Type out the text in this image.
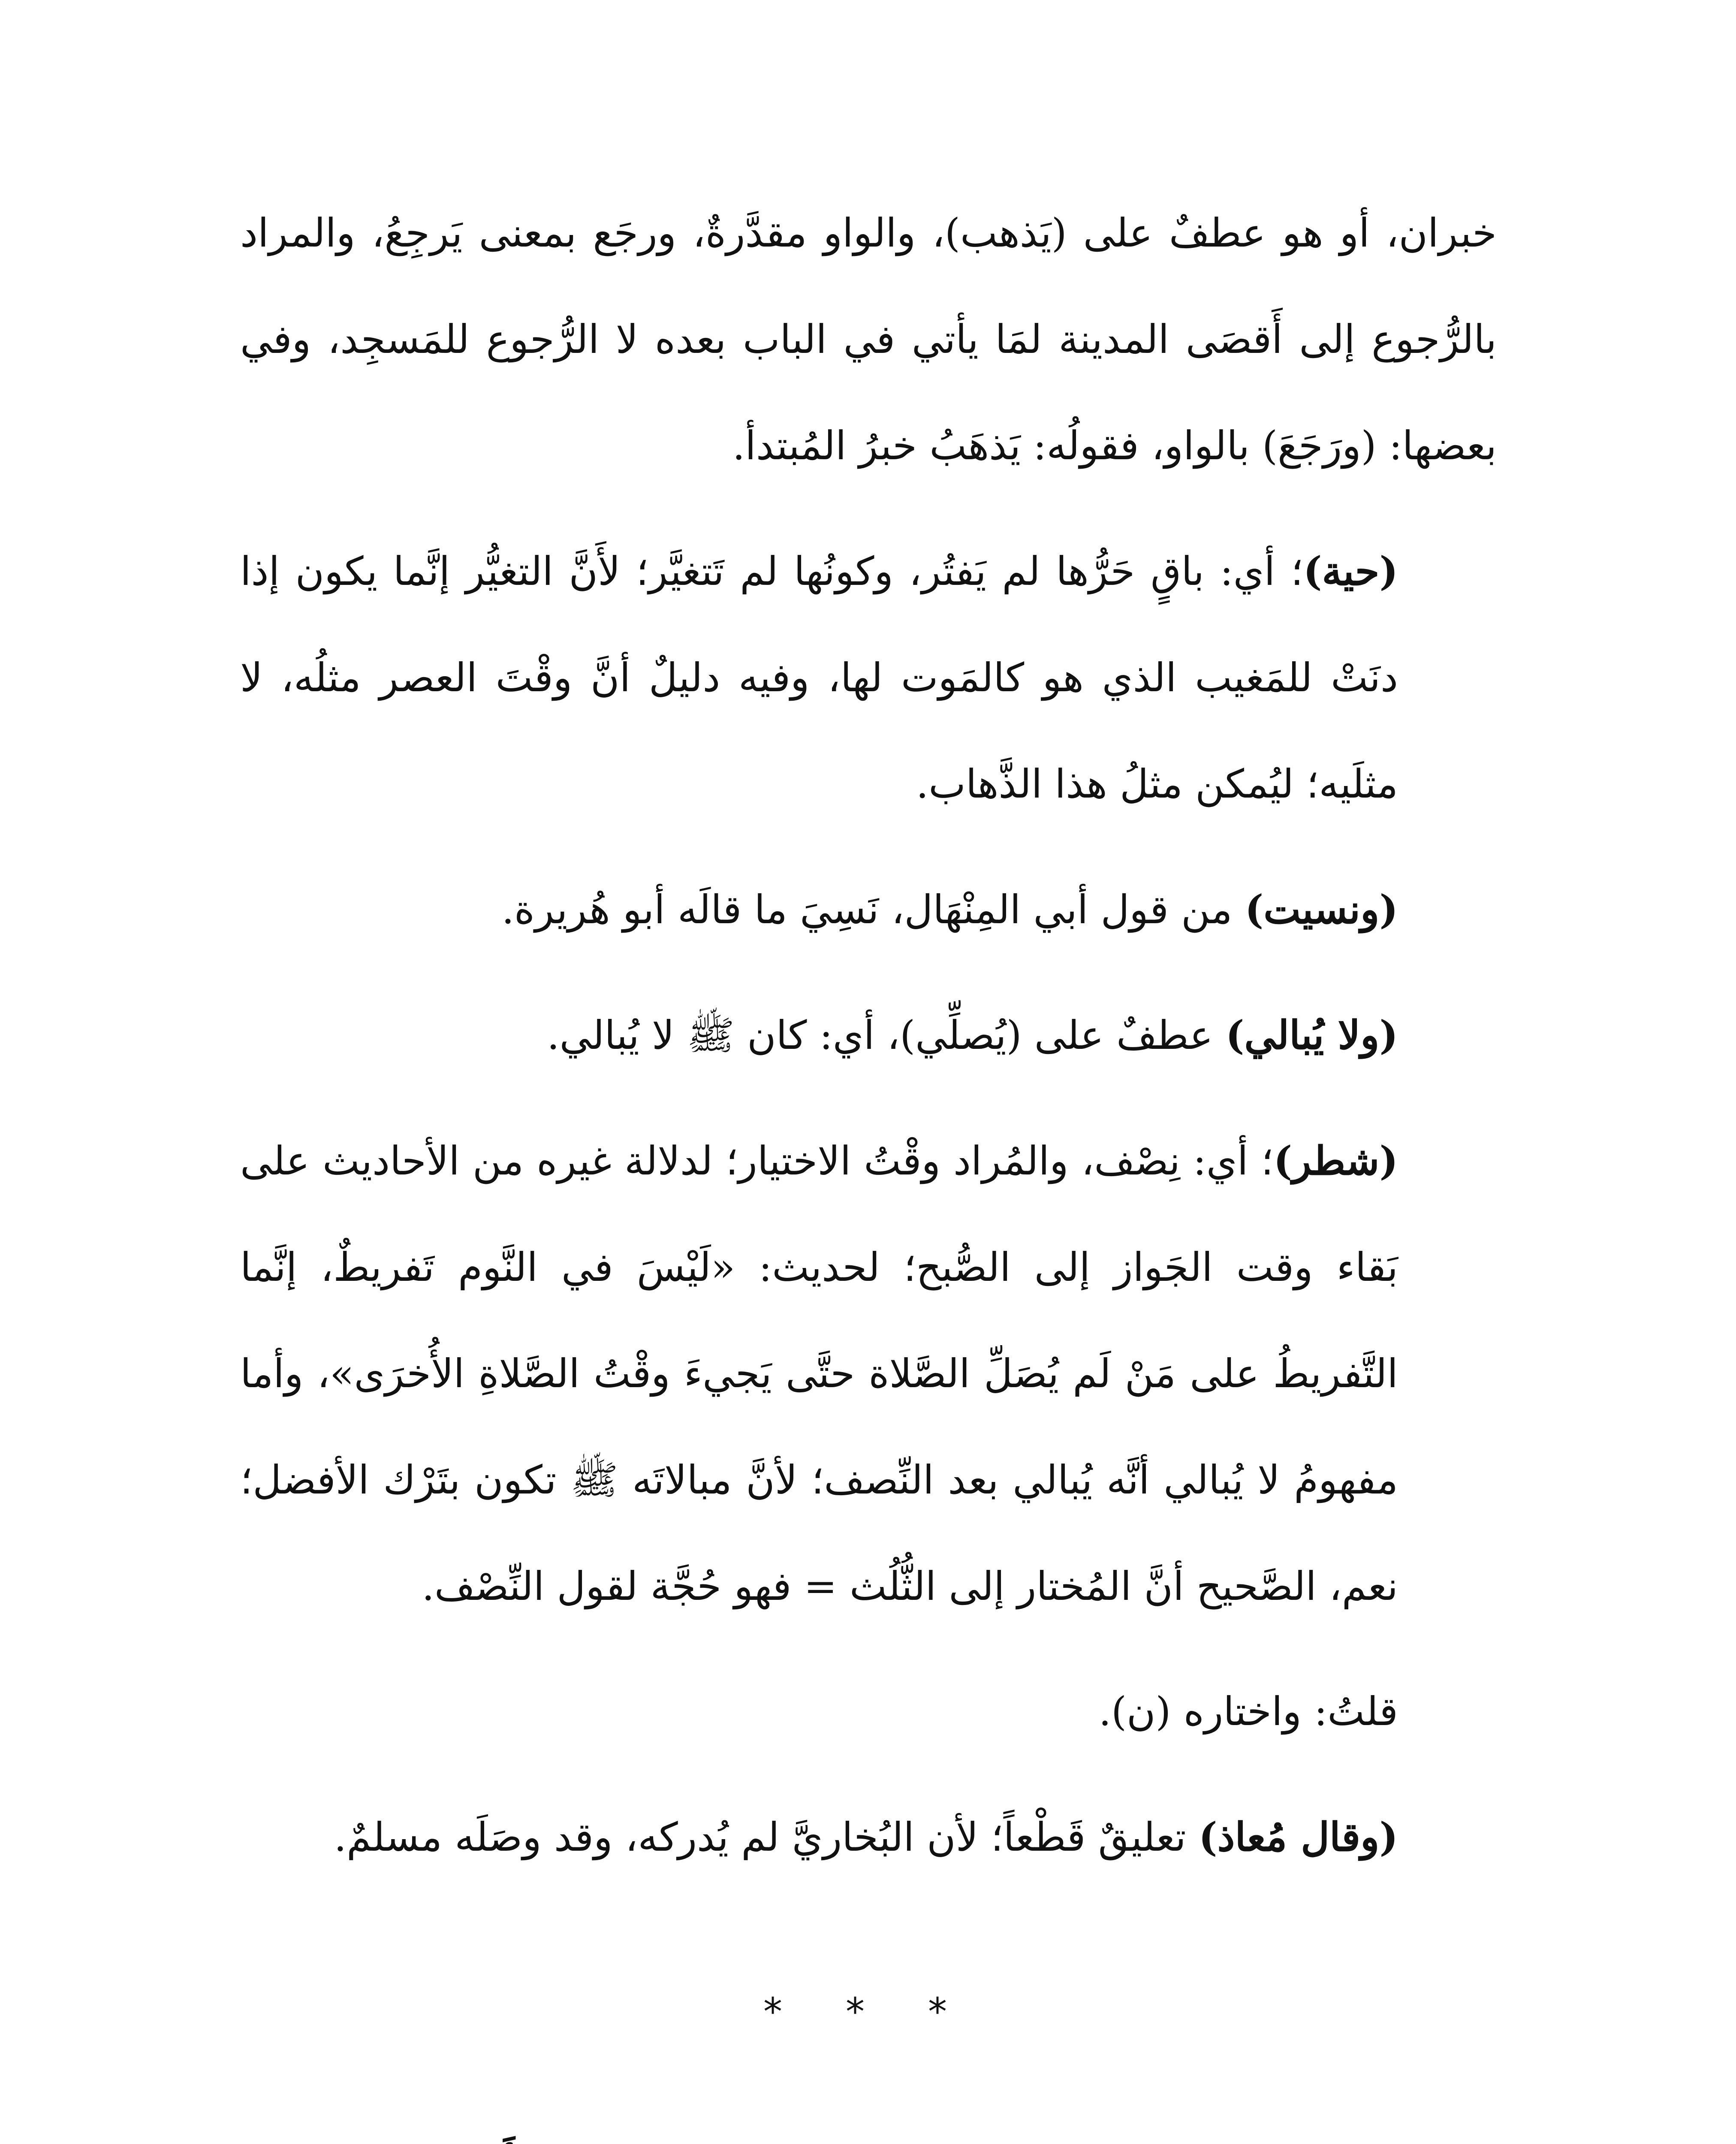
خبران، أو هو عطفٌ على (يَذهب)، والواو مقدَّرةٌ، ورجَع بمعنى يَرجِعُ، والمراد بالرُّجوع إلى أَقصَى المدينة لمَا يأتي في الباب بعده لا الرُّجوع للمَسجِد، وفي بعضها: (ورَجَعَ) بالواو، فقولُه: يَذهَبُ خبرُ المُبتدأ.

(حية)؛ أي: باقٍ حَرُّها لم يَفتُر، وكونُها لم تَتغيَّر؛ لأَنَّ التغيُّر إنَّما يكون إذا دنَتْ للمَغيب الذي هو كالمَوت لها، وفيه دليلٌ أنَّ وقْتَ العصر مثلُه، لا مثلَيه؛ ليُمكن مثلُ هذا الذَّهاب.

(ونسيت) من قول أبي المِنْهَال، نَسِيَ ما قالَه أبو هُريرة.

(ولا يُبالي) عطفٌ على (يُصلِّي)، أي: كان ﷺ لا يُبالي.

(شطر)؛ أي: نِصْف، والمُراد وقْتُ الاختيار؛ لدلالة غيره من الأحاديث على بَقاء وقت الجَواز إلى الصُّبح؛ لحديث: «لَيْسَ في النَّوم تَفريطٌ، إنَّما التَّفريطُ على مَنْ لَم يُصَلِّ الصَّلاة حتَّى يَجيءَ وقْتُ الصَّلاةِ الأُخرَى»، وأما مفهومُ لا يُبالي أنَّه يُبالي بعد النِّصف؛ لأنَّ مبالاتَه ﷺ تكون بتَرْك الأفضل؛ نعم، الصَّحيح أنَّ المُختار إلى الثُّلُث = فهو حُجَّة لقول النِّصْف.

قلتُ: واختاره (ن).

(وقال مُعاذ) تعليقٌ قَطْعاً؛ لأن البُخاريَّ لم يُدركه، وقد وصَلَه مسلمٌ.

* * *
